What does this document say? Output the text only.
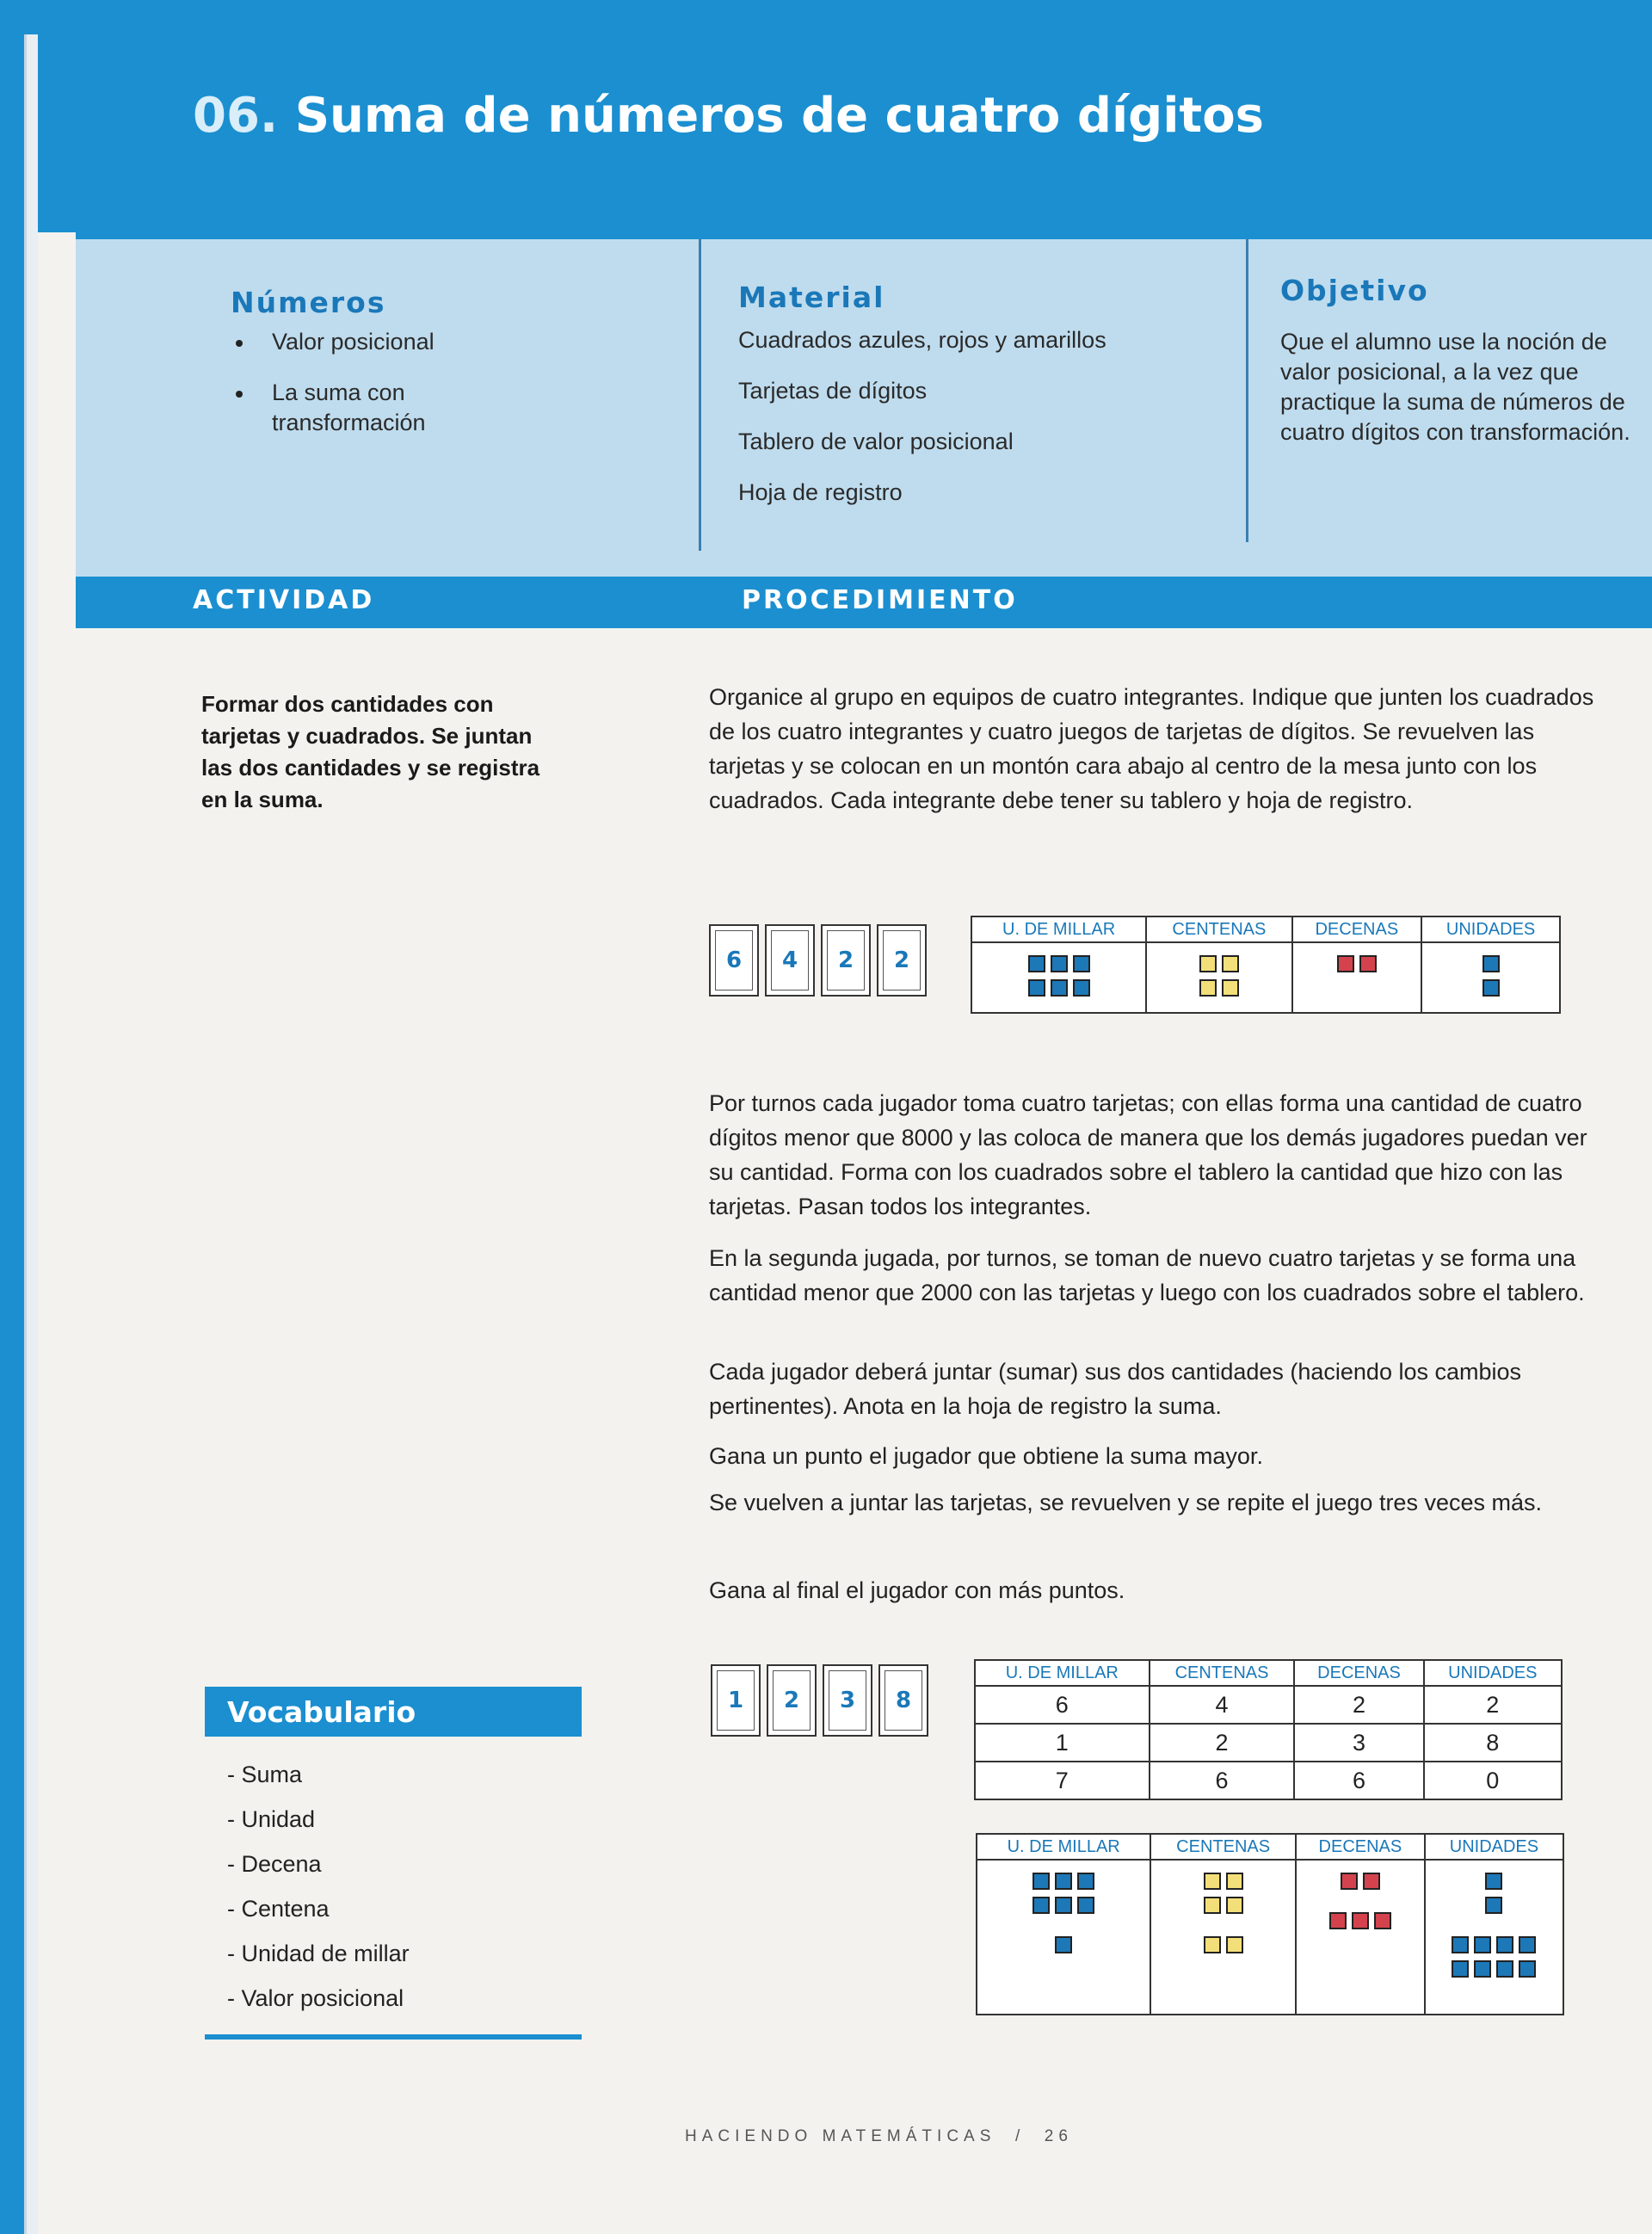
06. Suma de números de cuatro dígitos
Números
Valor posicional
La suma con transformación
Material

Cuadrados azules, rojos y amarillos

Tarjetas de dígitos

Tablero de valor posicional

Hoja de registro

Objetivo

Que el alumno use la noción de valor posicional, a la vez que practique la suma de números de cuatro dígitos con transformación.

ACTIVIDAD	PROCEDIMIENTO
Formar dos cantidades con tarjetas y cuadrados. Se juntan las dos cantidades y se registra en la suma.

Organice al grupo en equipos de cuatro integrantes. Indique que junten los cuadrados de los cuatro integrantes y cuatro juegos de tarjetas de dígitos. Se revuelven las tarjetas y se colocan en un montón cara abajo al centro de la mesa junto con los cuadrados. Cada integrante debe tener su tablero y hoja de registro.

6 4 2 2
U. DE MILLAR	CENTENAS	DECENAS	UNIDADES

Por turnos cada jugador toma cuatro tarjetas; con ellas forma una cantidad de cuatro dígitos menor que 8000 y las coloca de manera que los demás jugadores puedan ver su cantidad. Forma con los cuadrados sobre el tablero la cantidad que hizo con las tarjetas. Pasan todos los integrantes.

En la segunda jugada, por turnos, se toman de nuevo cuatro tarjetas y se forma una cantidad menor que 2000 con las tarjetas y luego con los cuadrados sobre el tablero.

Cada jugador deberá juntar (sumar) sus dos cantidades (haciendo los cambios pertinentes). Anota en la hoja de registro la suma.

Gana un punto el jugador que obtiene la suma mayor.

Se vuelven a juntar las tarjetas, se revuelven y se repite el juego tres veces más.

Gana al final el jugador con más puntos.

1 2 3 8
U. DE MILLAR	CENTENAS	DECENAS	UNIDADES
6	4	2	2
1	2	3	8
7	6	6	0
U. DE MILLAR	CENTENAS	DECENAS	UNIDADES

Vocabulario
- Suma
- Unidad
- Decena
- Centena
- Unidad de millar
- Valor posicional
HACIENDO MATEMÁTICAS / 26
